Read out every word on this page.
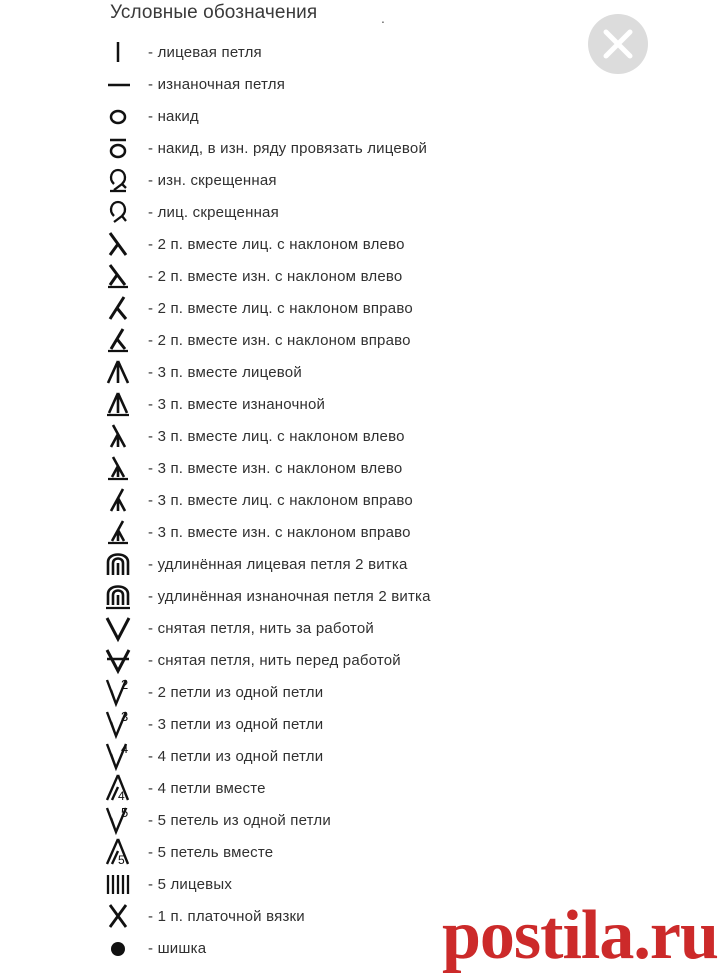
Условные обозначения	.
- лицевая петля
- изнаночная петля
- накид
- накид, в изн. ряду провязать лицевой
- изн. скрещенная
- лиц. скрещенная
- 2 п. вместе лиц. с наклоном влево
- 2 п. вместе изн. с наклоном влево
- 2 п. вместе лиц. с наклоном вправо
- 2 п. вместе изн. с наклоном вправо
- 3 п. вместе лицевой
- 3 п. вместе изнаночной
- 3 п. вместе лиц. с наклоном влево
- 3 п. вместе изн. с наклоном влево
- 3 п. вместе лиц. с наклоном вправо
- 3 п. вместе изн. с наклоном вправо
- удлинённая лицевая петля 2 витка
- удлинённая изнаночная петля 2 витка
- снятая петля, нить за работой
- снятая петля, нить перед работой
2 - 2 петли из одной петли
3 - 3 петли из одной петли
4 - 4 петли из одной петли
4 - 4 петли вместе
5 - 5 петель из одной петли
5 - 5 петель вместе
- 5 лицевых
- 1 п. платочной вязки
- шишка	postila.ru
